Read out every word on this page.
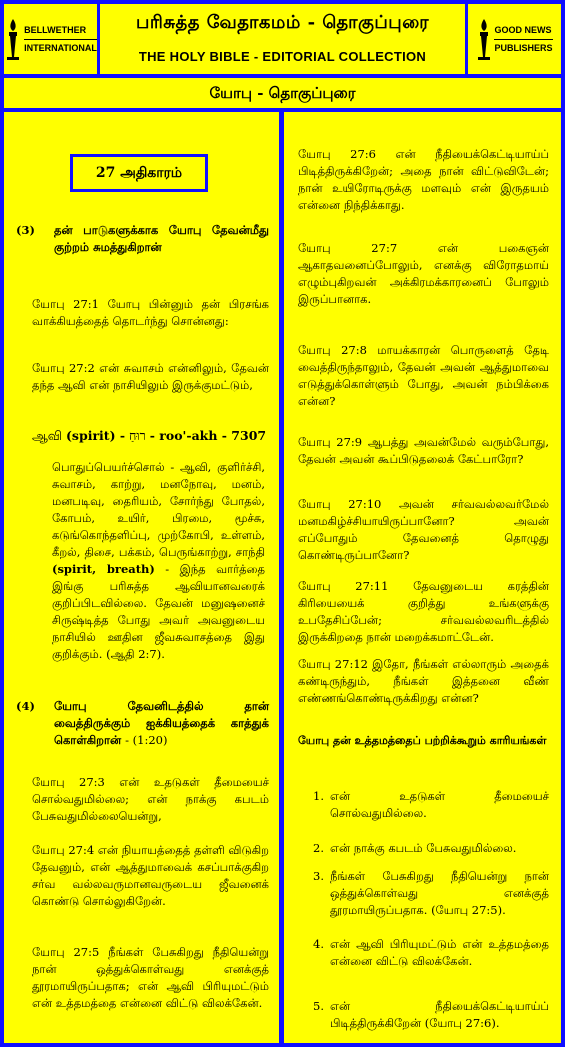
BELLWETHER
INTERNATIONAL
பரிசுத்த வேதாகமம் - தொகுப்புரை
THE HOLY BIBLE - EDITORIAL COLLECTION
GOOD NEWS
PUBLISHERS
யோபு - தொகுப்புரை
27 அதிகாரம்
(3)	தன் பாடுகளுக்காக யோபு தேவன்மீது குற்றம் சுமத்துகிறான்

யோபு 27:1 யோபு பின்னும் தன் பிரசங்க வாக்கியத்தைத் தொடர்ந்து சொன்னது:

யோபு 27:2 என் சுவாசம் என்னிலும், தேவன் தந்த ஆவி என் நாசியிலும் இருக்குமட்டும்,

ஆவி (spirit) - רוּחַ - roo'-akh - 7307
பொதுப்பெயர்ச்சொல் - ஆவி, குளிர்ச்சி, சுவாசம், காற்று, மனநோவு, மனம், மனபடிவு, தைரியம், சோர்ந்து போதல், கோபம், உயிர், பிரமை, மூச்சு, கடுங்கொந்தளிப்பு, முற்கோபி, உள்ளம், கீறல், திசை, பக்கம், பெருங்காற்று, சாந்தி (spirit, breath) - இந்த வார்த்தை இங்கு பரிசுத்த ஆவியானவரைக் குறிப்பிடவில்லை. தேவன் மனுஷனைச் சிருஷ்டித்த போது அவர் அவனுடைய நாசியில் ஊதின ஜீவசுவாசத்தை இது குறிக்கும். (ஆதி 2:7).
(4)	யோபு தேவனிடத்தில் தான் வைத்திருக்கும் ஐக்கியத்தைக் காத்துக் கொள்கிறான் - (1:20)

யோபு 27:3 என் உதடுகள் தீமையைச் சொல்வதுமில்லை; என் நாக்கு கபடம் பேசுவதுமில்லையென்று,

யோபு 27:4 என் நியாயத்தைத் தள்ளி விடுகிற தேவனும், என் ஆத்துமாவைக் கசப்பாக்குகிற சர்வ வல்லவருமானவருடைய ஜீவனைக் கொண்டு சொல்லுகிறேன்.

யோபு 27:5 நீங்கள் பேசுகிறது நீதியென்று நான் ஒத்துக்கொள்வது எனக்குத் தூரமாயிருப்பதாக; என் ஆவி பிரியுமட்டும் என் உத்தமத்தை என்னை விட்டு விலக்கேன்.

யோபு 27:6 என் நீதியைக்கெட்டியாய்ப் பிடித்திருக்கிறேன்; அதை நான் விட்டுவிடேன்; நான் உயிரோடிருக்கு மளவும் என் இருதயம் என்னை நிந்திக்காது.

யோபு 27:7 என் பகைஞன் ஆகாதவனைப்போலும், எனக்கு விரோதமாய் எழும்புகிறவன் அக்கிரமக்காரனைப் போலும் இருப்பானாக.

யோபு 27:8 மாயக்காரன் பொருளைத் தேடி வைத்திருந்தாலும், தேவன் அவன் ஆத்துமாவை எடுத்துக்கொள்ளும் போது, அவன் நம்பிக்கை என்ன?

யோபு 27:9 ஆபத்து அவன்மேல் வரும்போது, தேவன் அவன் கூப்பிடுதலைக் கேட்பாரோ?

யோபு 27:10 அவன் சர்வவல்லவர்மேல் மனமகிழ்ச்சியாயிருப்பானோ? அவன் எப்போதும் தேவனைத் தொழுது கொண்டிருப்பானோ?

யோபு 27:11 தேவனுடைய கரத்தின் கிரியையைக் குறித்து உங்களுக்கு உபதேசிப்பேன்; சர்வவல்லவரிடத்தில் இருக்கிறதை நான் மறைக்கமாட்டேன்.

யோபு 27:12 இதோ, நீங்கள் எல்லாரும் அதைக் கண்டிருந்தும், நீங்கள் இத்தனை வீண் எண்ணங்கொண்டிருக்கிறது என்ன?

யோபு தன் உத்தமத்தைப் பற்றிக்கூறும் காரியங்கள்
1. என் உதடுகள் தீமையைச் சொல்வதுமில்லை.
2. என் நாக்கு கபடம் பேசுவதுமில்லை.
3. நீங்கள் பேசுகிறது நீதியென்று நான் ஒத்துக்கொள்வது எனக்குத் தூரமாயிருப்பதாக. (யோபு 27:5).
4. என் ஆவி பிரியுமட்டும் என் உத்தமத்தை என்னை விட்டு விலக்கேன்.
5. என் நீதியைக்கெட்டியாய்ப் பிடித்திருக்கிறேன் (யோபு 27:6).
